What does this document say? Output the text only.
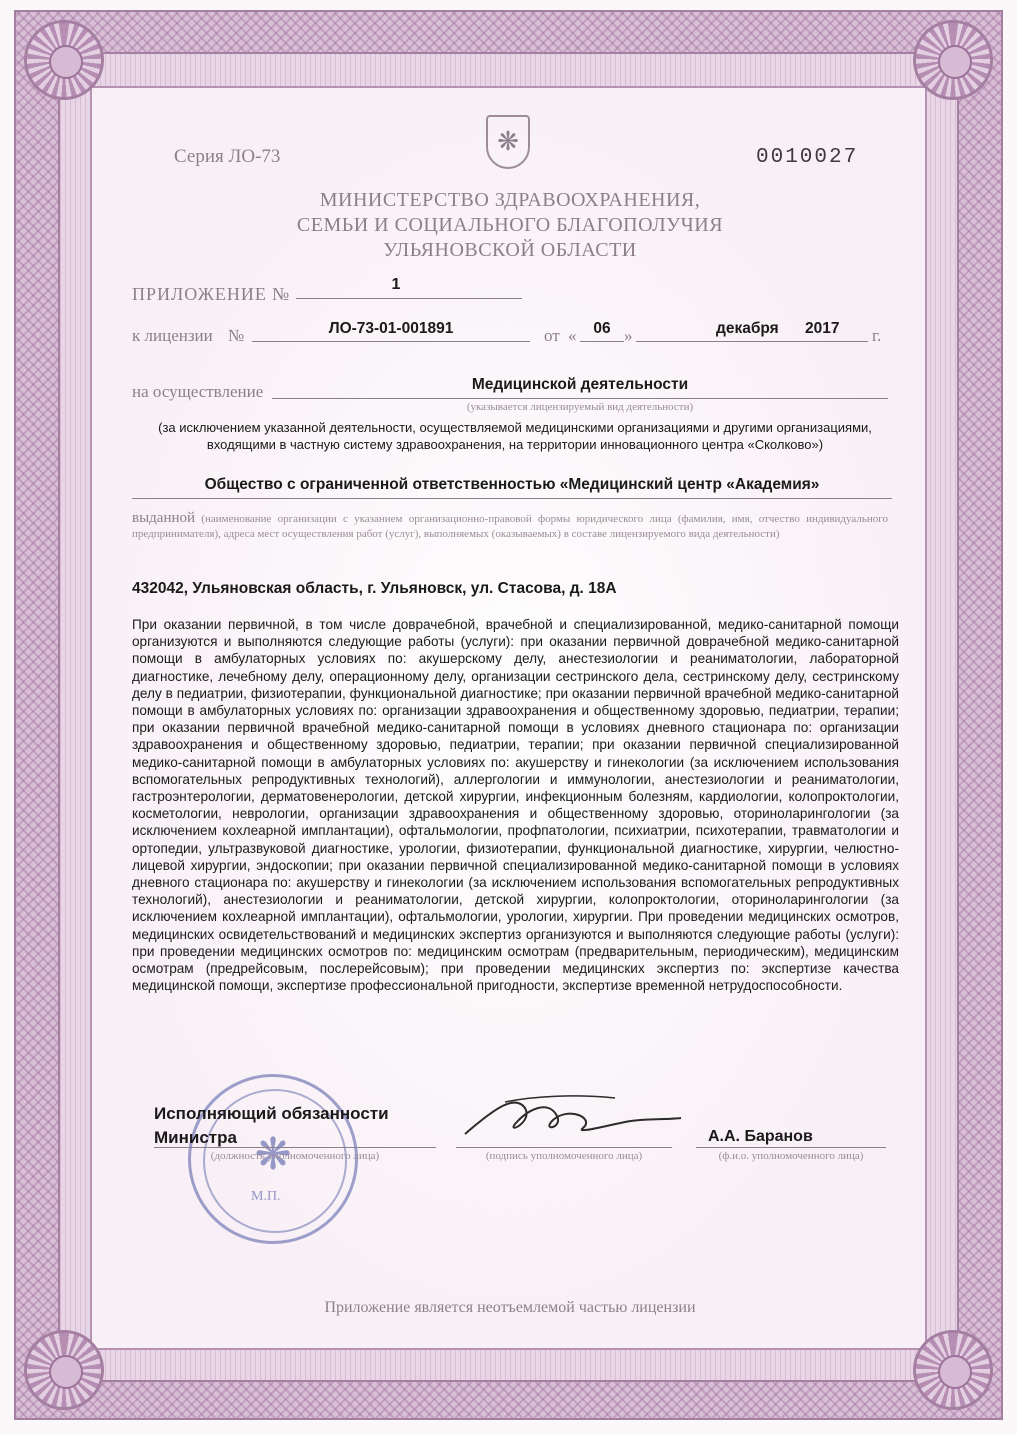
❋
Серия ЛО-73	0010027
МИНИСТЕРСТВО ЗДРАВООХРАНЕНИЯ,
СЕМЬИ И СОЦИАЛЬНОГО БЛАГОПОЛУЧИЯ
УЛЬЯНОВСКОЙ ОБЛАСТИ
ПРИЛОЖЕНИЕ №	1
к лицензии №	ЛО-73-01-001891	от «	06 »	декабря 2017 г.
на осуществление	Медицинской деятельности
(указывается лицензируемый вид деятельности)
(за исключением указанной деятельности, осуществляемой медицинскими организациями и другими организациями, входящими в частную систему здравоохранения, на территории инновационного центра «Сколково»)
Общество с ограниченной ответственностью «Медицинский центр «Академия»
выданной (наименование организации с указанием организационно-правовой формы юридического лица (фамилия, имя, отчество индивидуального предпринимателя), адреса мест осуществления работ (услуг), выполняемых (оказываемых) в составе лицензируемого вида деятельности)
432042, Ульяновская область, г. Ульяновск, ул. Стасова, д. 18А
При оказании первичной, в том числе доврачебной, врачебной и специализированной, медико-санитарной помощи организуются и выполняются следующие работы (услуги): при оказании первичной доврачебной медико-санитарной помощи в амбулаторных условиях по: акушерскому делу, анестезиологии и реаниматологии, лабораторной диагностике, лечебному делу, операционному делу, организации сестринского дела, сестринскому делу, сестринскому делу в педиатрии, физиотерапии, функциональной диагностике; при оказании первичной врачебной медико-санитарной помощи в амбулаторных условиях по: организации здравоохранения и общественному здоровью, педиатрии, терапии; при оказании первичной врачебной медико-санитарной помощи в условиях дневного стационара по: организации здравоохранения и общественному здоровью, педиатрии, терапии; при оказании первичной специализированной медико-санитарной помощи в амбулаторных условиях по: акушерству и гинекологии (за исключением использования вспомогательных репродуктивных технологий), аллергологии и иммунологии, анестезиологии и реаниматологии, гастроэнтерологии, дерматовенерологии, детской хирургии, инфекционным болезням, кардиологии, колопроктологии, косметологии, неврологии, организации здравоохранения и общественному здоровью, оториноларингологии (за исключением кохлеарной имплантации), офтальмологии, профпатологии, психиатрии, психотерапии, травматологии и ортопедии, ультразвуковой диагностике, урологии, физиотерапии, функциональной диагностике, хирургии, челюстно-лицевой хирургии, эндоскопии; при оказании первичной специализированной медико-санитарной помощи в условиях дневного стационара по: акушерству и гинекологии (за исключением использования вспомогательных репродуктивных технологий), анестезиологии и реаниматологии, детской хирургии, колопроктологии, оториноларингологии (за исключением кохлеарной имплантации), офтальмологии, урологии, хирургии. При проведении медицинских осмотров, медицинских освидетельствований и медицинских экспертиз организуются и выполняются следующие работы (услуги): при проведении медицинских осмотров по: медицинским осмотрам (предварительным, периодическим), медицинским осмотрам (предрейсовым, послерейсовым); при проведении медицинских экспертиз по: экспертизе качества медицинской помощи, экспертизе профессиональной пригодности, экспертизе временной нетрудоспособности.
❋
М.П.
Исполняющий обязанности
Министра
(должность уполномоченного лица)	(подпись уполномоченного лица)
А.А. Баранов
(ф.и.о. уполномоченного лица)
Приложение является неотъемлемой частью лицензии
